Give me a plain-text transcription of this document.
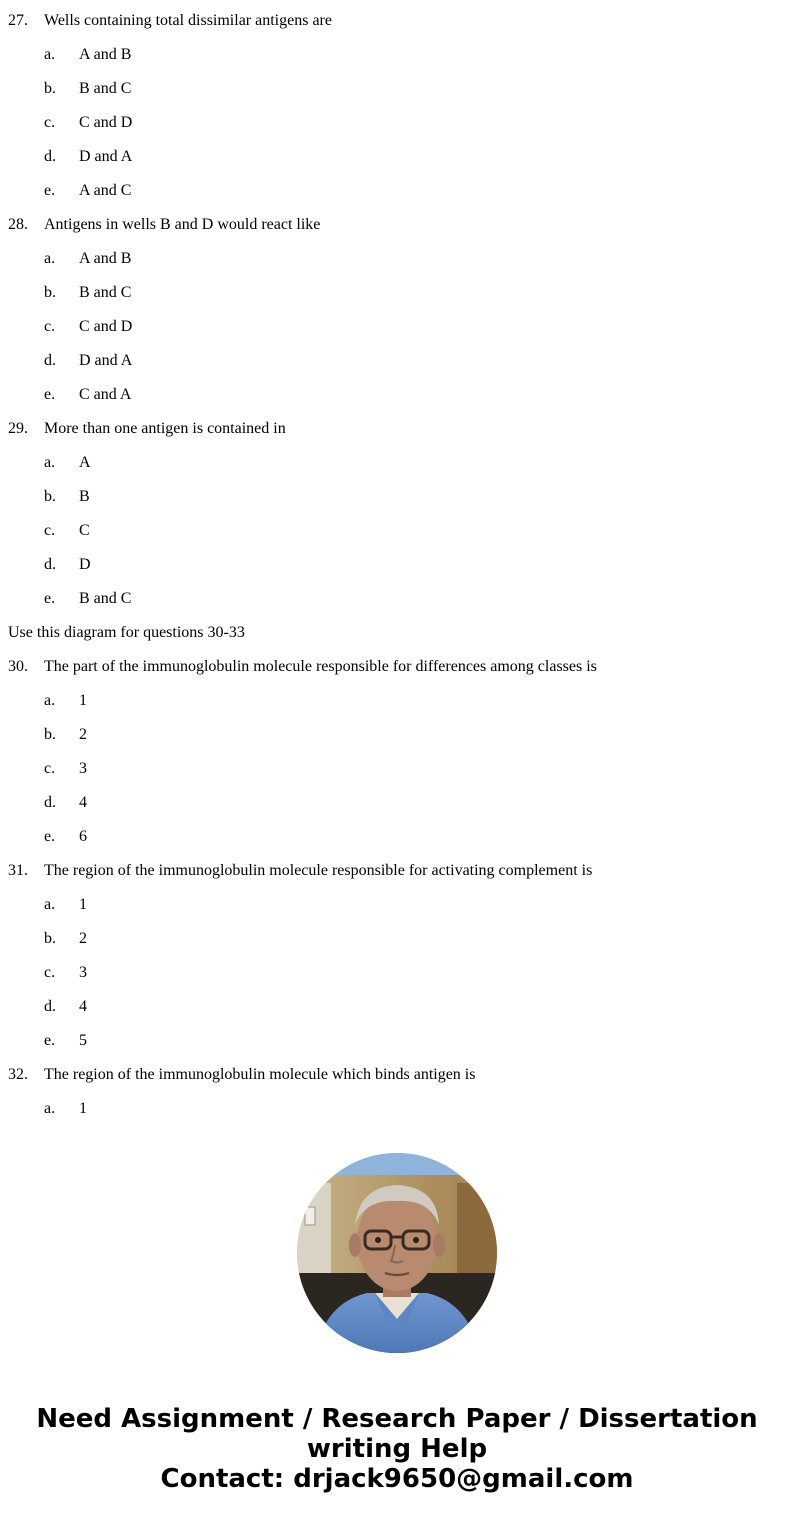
27. Wells containing total dissimilar antigens are
a. A and B
b. B and C
c. C and D
d. D and A
e. A and C
28. Antigens in wells B and D would react like
a. A and B
b. B and C
c. C and D
d. D and A
e. C and A
29. More than one antigen is contained in
a. A
b. B
c. C
d. D
e. B and C
Use this diagram for questions 30-33
30. The part of the immunoglobulin molecule responsible for differences among classes is
a. 1
b. 2
c. 3
d. 4
e. 6
31. The region of the immunoglobulin molecule responsible for activating complement is
a. 1
b. 2
c. 3
d. 4
e. 5
32. The region of the immunoglobulin molecule which binds antigen is
a. 1
Need Assignment / Research Paper / Dissertation
writing Help
Contact: drjack9650@gmail.com
